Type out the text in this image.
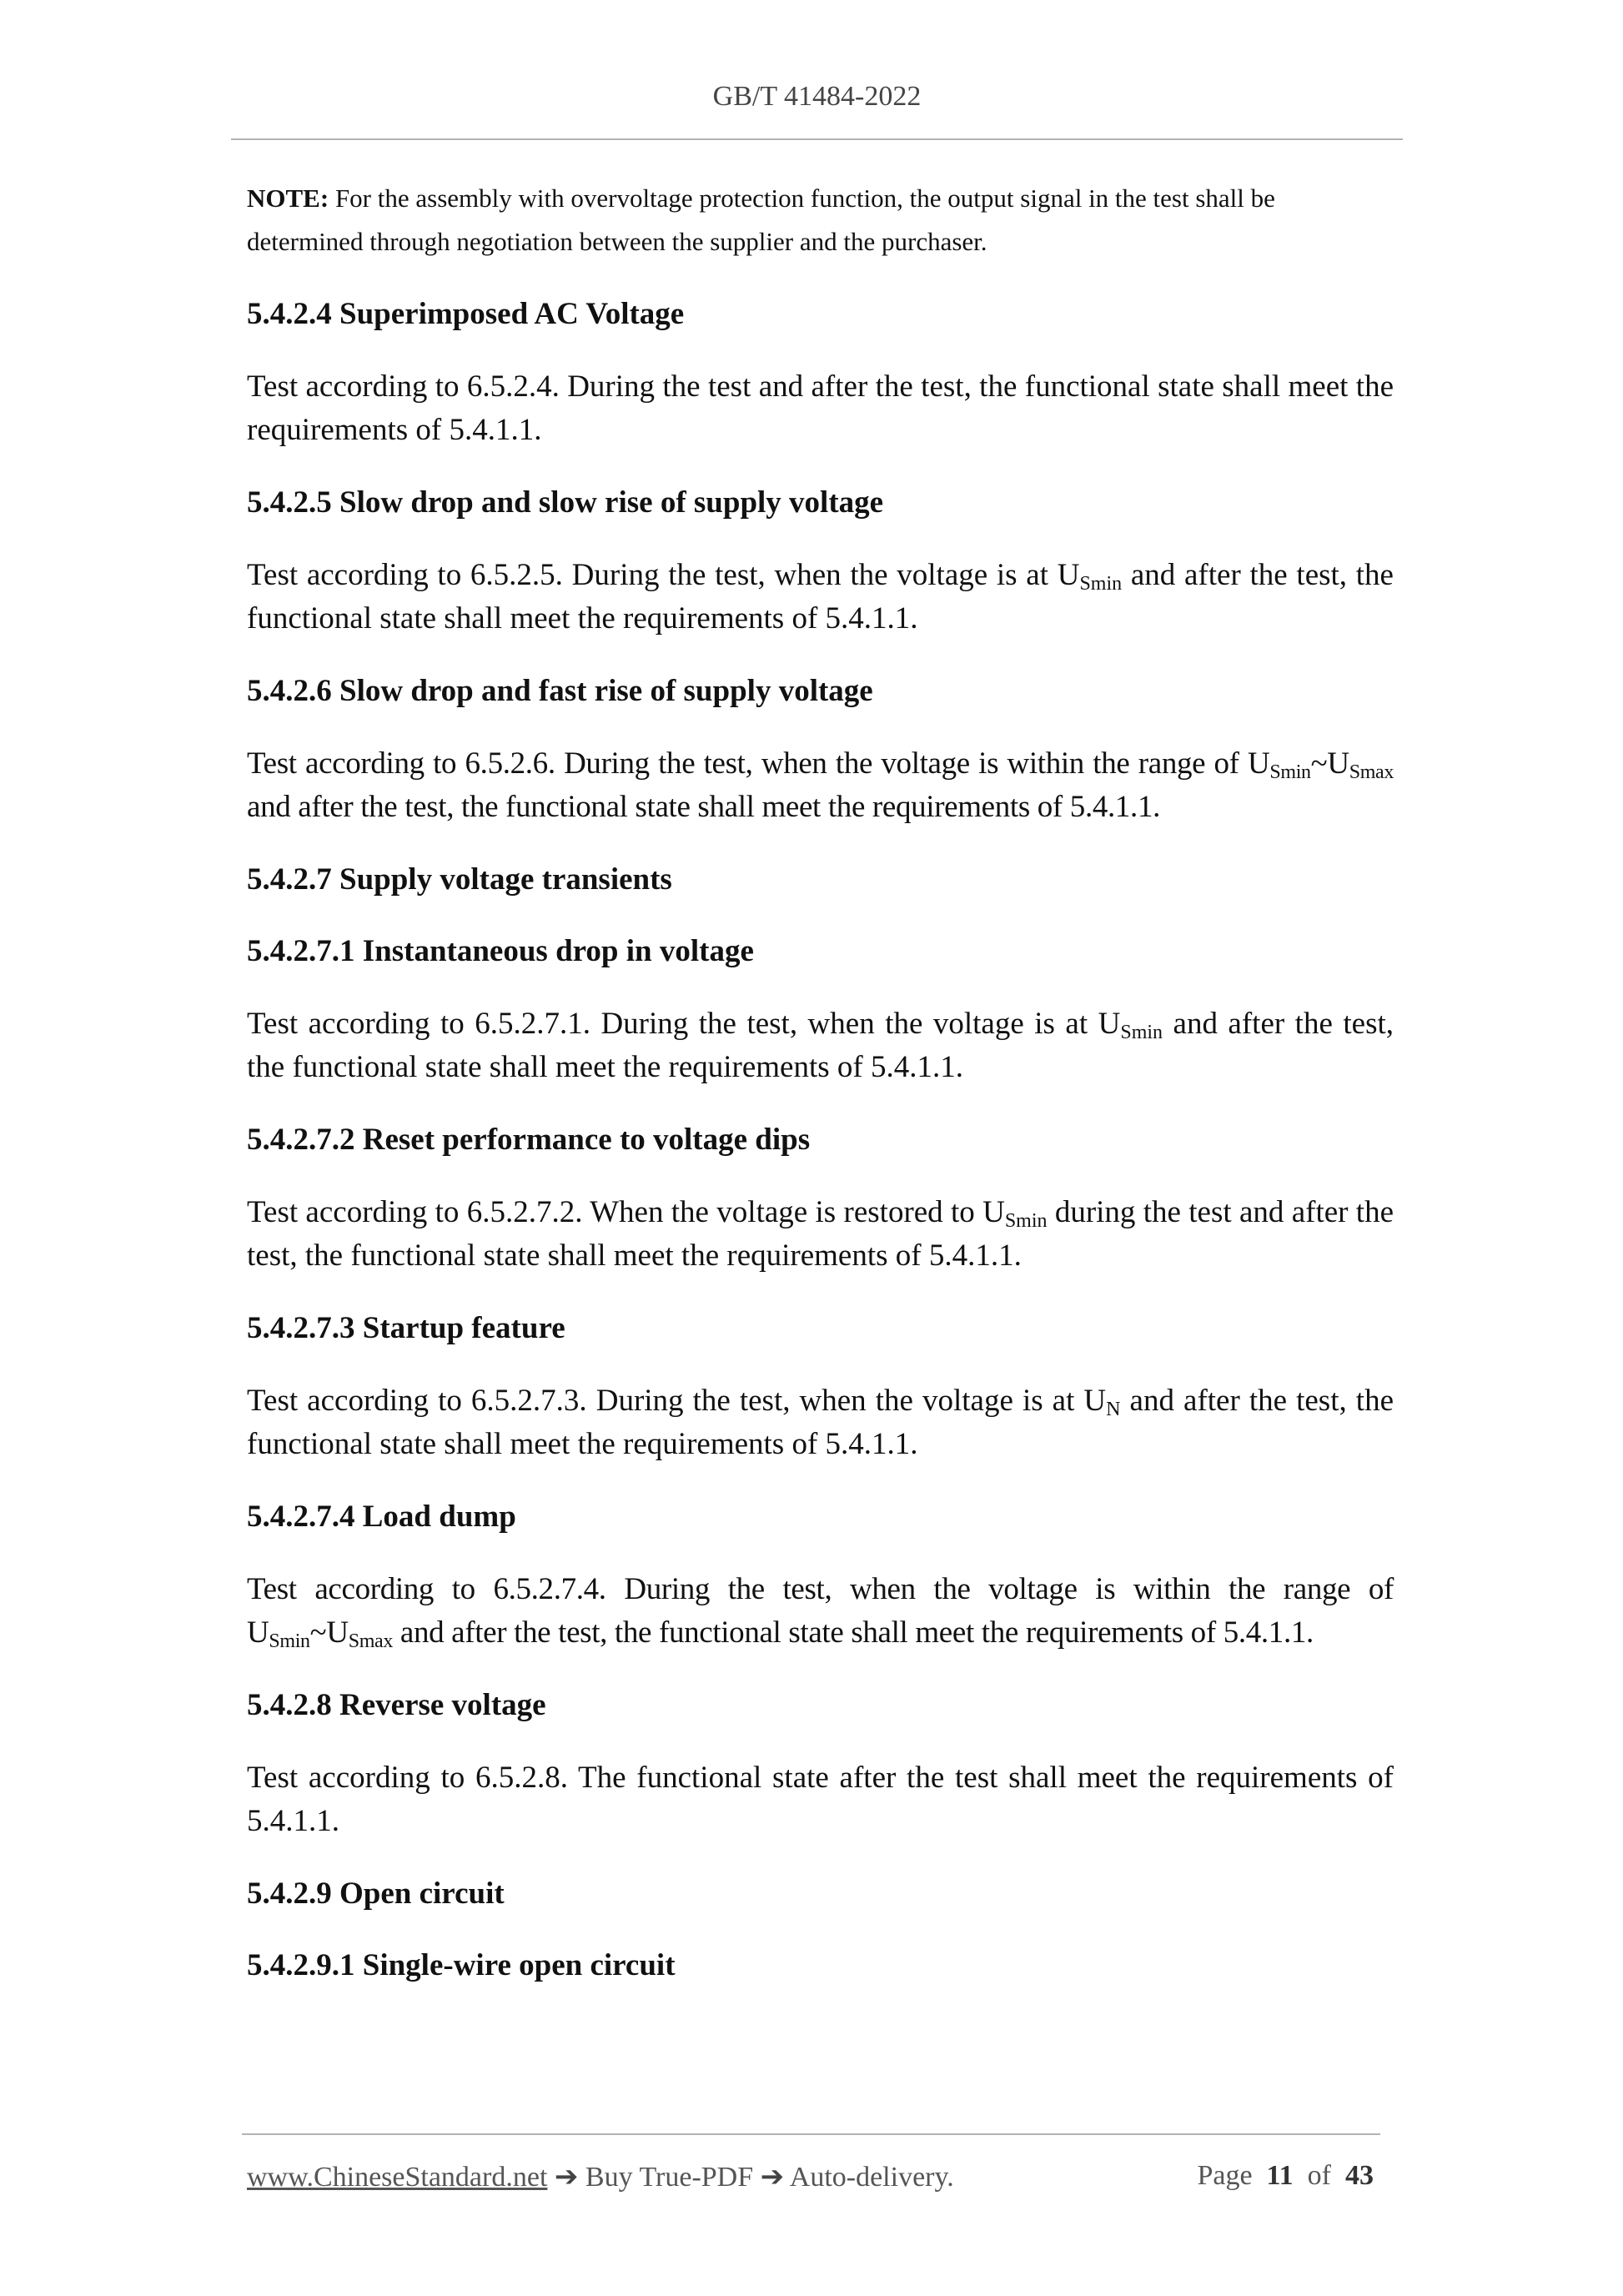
GB/T 41484-2022

NOTE: For the assembly with overvoltage protection function, the output signal in the test shall be determined through negotiation between the supplier and the purchaser.

5.4.2.4 Superimposed AC Voltage

Test according to 6.5.2.4. During the test and after the test, the functional state shall meet the requirements of 5.4.1.1.

5.4.2.5 Slow drop and slow rise of supply voltage

Test according to 6.5.2.5. During the test, when the voltage is at $U_{Smin}$ and after the test, the functional state shall meet the requirements of 5.4.1.1.

5.4.2.6 Slow drop and fast rise of supply voltage

Test according to 6.5.2.6. During the test, when the voltage is within the range of $U_{Smin}\sim U_{Smax}$ and after the test, the functional state shall meet the requirements of 5.4.1.1.

5.4.2.7 Supply voltage transients
5.4.2.7.1 Instantaneous drop in voltage

Test according to 6.5.2.7.1. During the test, when the voltage is at $U_{Smin}$ and after the test, the functional state shall meet the requirements of 5.4.1.1.

5.4.2.7.2 Reset performance to voltage dips

Test according to 6.5.2.7.2. When the voltage is restored to $U_{Smin}$ during the test and after the test, the functional state shall meet the requirements of 5.4.1.1.

5.4.2.7.3 Startup feature

Test according to 6.5.2.7.3. During the test, when the voltage is at $U_N$ and after the test, the functional state shall meet the requirements of 5.4.1.1.

5.4.2.7.4 Load dump

Test according to 6.5.2.7.4. During the test, when the voltage is within the range of $U_{Smin}\sim U_{Smax}$ and after the test, the functional state shall meet the requirements of 5.4.1.1.

5.4.2.8 Reverse voltage

Test according to 6.5.2.8. The functional state after the test shall meet the requirements of 5.4.1.1.

5.4.2.9 Open circuit
5.4.2.9.1 Single-wire open circuit
www.ChineseStandard.net ➔ Buy True-PDF ➔ Auto-delivery.	Page 11 of 43
